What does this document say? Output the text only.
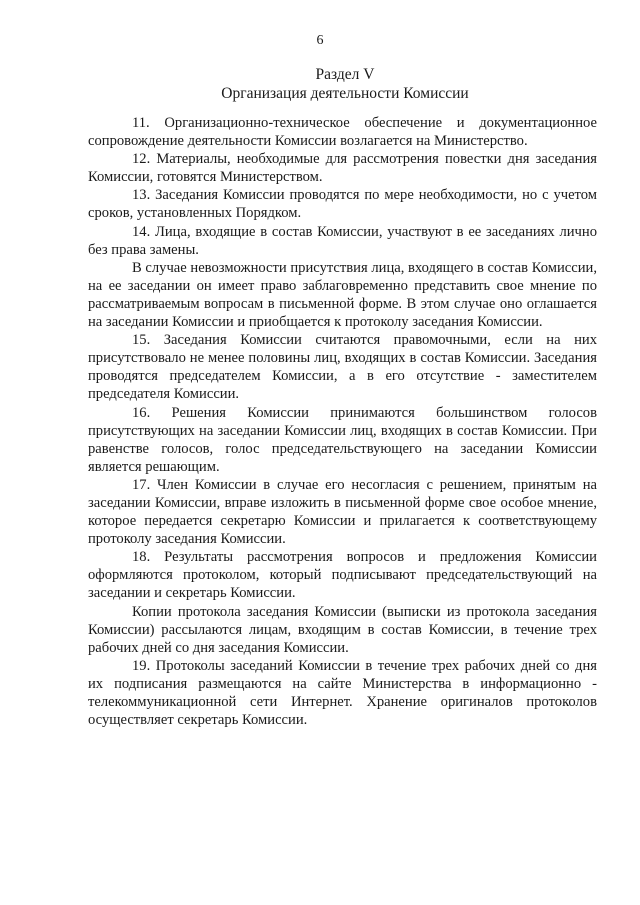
6
Раздел V
Организация деятельности Комиссии

11. Организационно-техническое обеспечение и документационное сопровождение деятельности Комиссии возлагается на Министерство.

12. Материалы, необходимые для рассмотрения повестки дня заседания Комиссии, готовятся Министерством.

13. Заседания Комиссии проводятся по мере необходимости, но с учетом сроков, установленных Порядком.

14. Лица, входящие в состав Комиссии, участвуют в ее заседаниях лично без права замены.

В случае невозможности присутствия лица, входящего в состав Комиссии, на ее заседании он имеет право заблаговременно представить свое мнение по рассматриваемым вопросам в письменной форме. В этом случае оно оглашается на заседании Комиссии и приобщается к протоколу заседания Комиссии.

15. Заседания Комиссии считаются правомочными, если на них присутствовало не менее половины лиц, входящих в состав Комиссии. Заседания проводятся председателем Комиссии, а в его отсутствие - заместителем председателя Комиссии.

16. Решения Комиссии принимаются большинством голосов присутствующих на заседании Комиссии лиц, входящих в состав Комиссии. При равенстве голосов, голос председательствующего на заседании Комиссии является решающим.

17. Член Комиссии в случае его несогласия с решением, принятым на заседании Комиссии, вправе изложить в письменной форме свое особое мнение, которое передается секретарю Комиссии и прилагается к соответствующему протоколу заседания Комиссии.

18. Результаты рассмотрения вопросов и предложения Комиссии оформляются протоколом, который подписывают председательствующий на заседании и секретарь Комиссии.

Копии протокола заседания Комиссии (выписки из протокола заседания Комиссии) рассылаются лицам, входящим в состав Комиссии, в течение трех рабочих дней со дня заседания Комиссии.

19. Протоколы заседаний Комиссии в течение трех рабочих дней со дня их подписания размещаются на сайте Министерства в информационно - телекоммуникационной сети Интернет. Хранение оригиналов протоколов осуществляет секретарь Комиссии.
